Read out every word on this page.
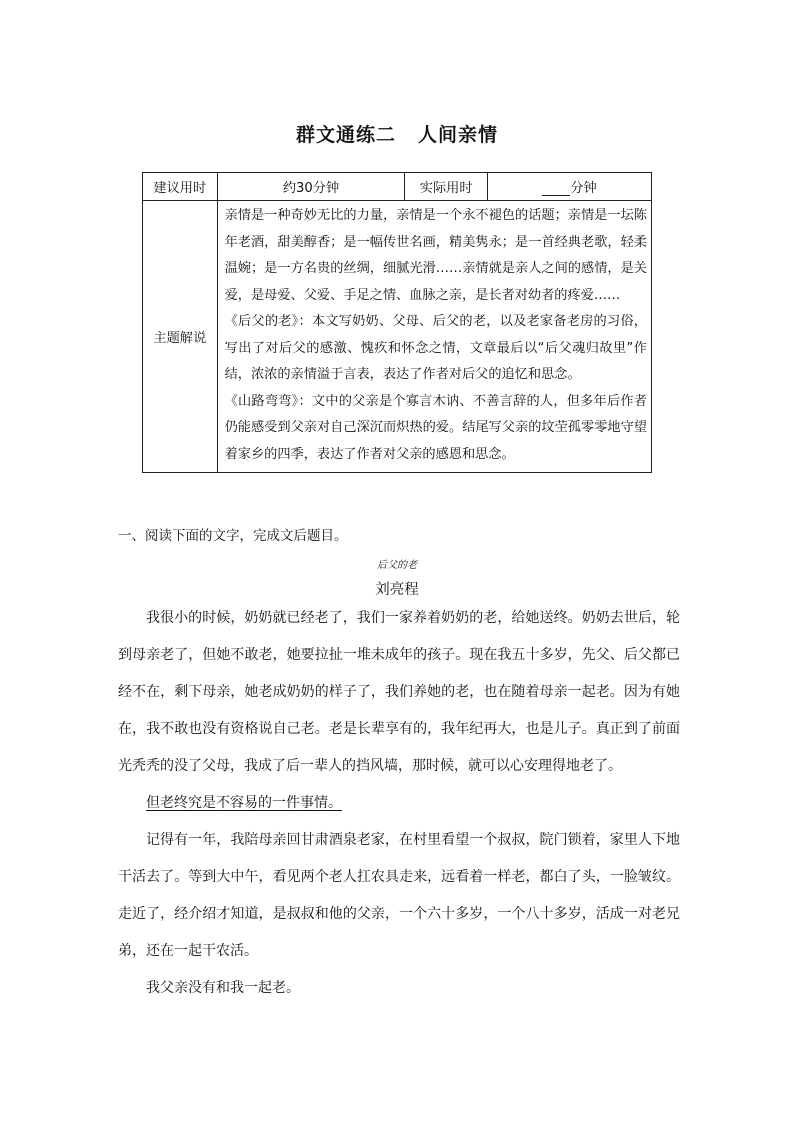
群文通练二 人间亲情
建议用时	约30分钟	实际用时	分钟
主题解说	亲情是一种奇妙无比的力量，亲情是一个永不褪色的话题；亲情是一坛陈年老酒，甜美醇香；是一幅传世名画，精美隽永；是一首经典老歌，轻柔温婉；是一方名贵的丝绸，细腻光滑……亲情就是亲人之间的感情，是关爱，是母爱、父爱、手足之情、血脉之亲，是长者对幼者的疼爱……

《后父的老》：本文写奶奶、父母、后父的老，以及老家备老房的习俗，写出了对后父的感激、愧疚和怀念之情，文章最后以“后父魂归故里”作结，浓浓的亲情溢于言表，表达了作者对后父的追忆和思念。

《山路弯弯》：文中的父亲是个寡言木讷、不善言辞的人，但多年后作者仍能感受到父亲对自己深沉而炽热的爱。结尾写父亲的坟茔孤零零地守望着家乡的四季，表达了作者对父亲的感恩和思念。		

一、阅读下面的文字，完成文后题目。
后父的老
刘亮程

我很小的时候，奶奶就已经老了，我们一家养着奶奶的老，给她送终。奶奶去世后，轮到母亲老了，但她不敢老，她要拉扯一堆未成年的孩子。现在我五十多岁，先父、后父都已经不在，剩下母亲，她老成奶奶的样子了，我们养她的老，也在随着母亲一起老。因为有她在，我不敢也没有资格说自己老。老是长辈享有的，我年纪再大，也是儿子。真正到了前面光秃秃的没了父母，我成了后一辈人的挡风墙，那时候，就可以心安理得地老了。

但老终究是不容易的一件事情。

记得有一年，我陪母亲回甘肃酒泉老家，在村里看望一个叔叔，院门锁着，家里人下地干活去了。等到大中午，看见两个老人扛农具走来，远看着一样老，都白了头，一脸皱纹。走近了，经介绍才知道，是叔叔和他的父亲，一个六十多岁，一个八十多岁，活成一对老兄弟，还在一起干农活。

我父亲没有和我一起老。
